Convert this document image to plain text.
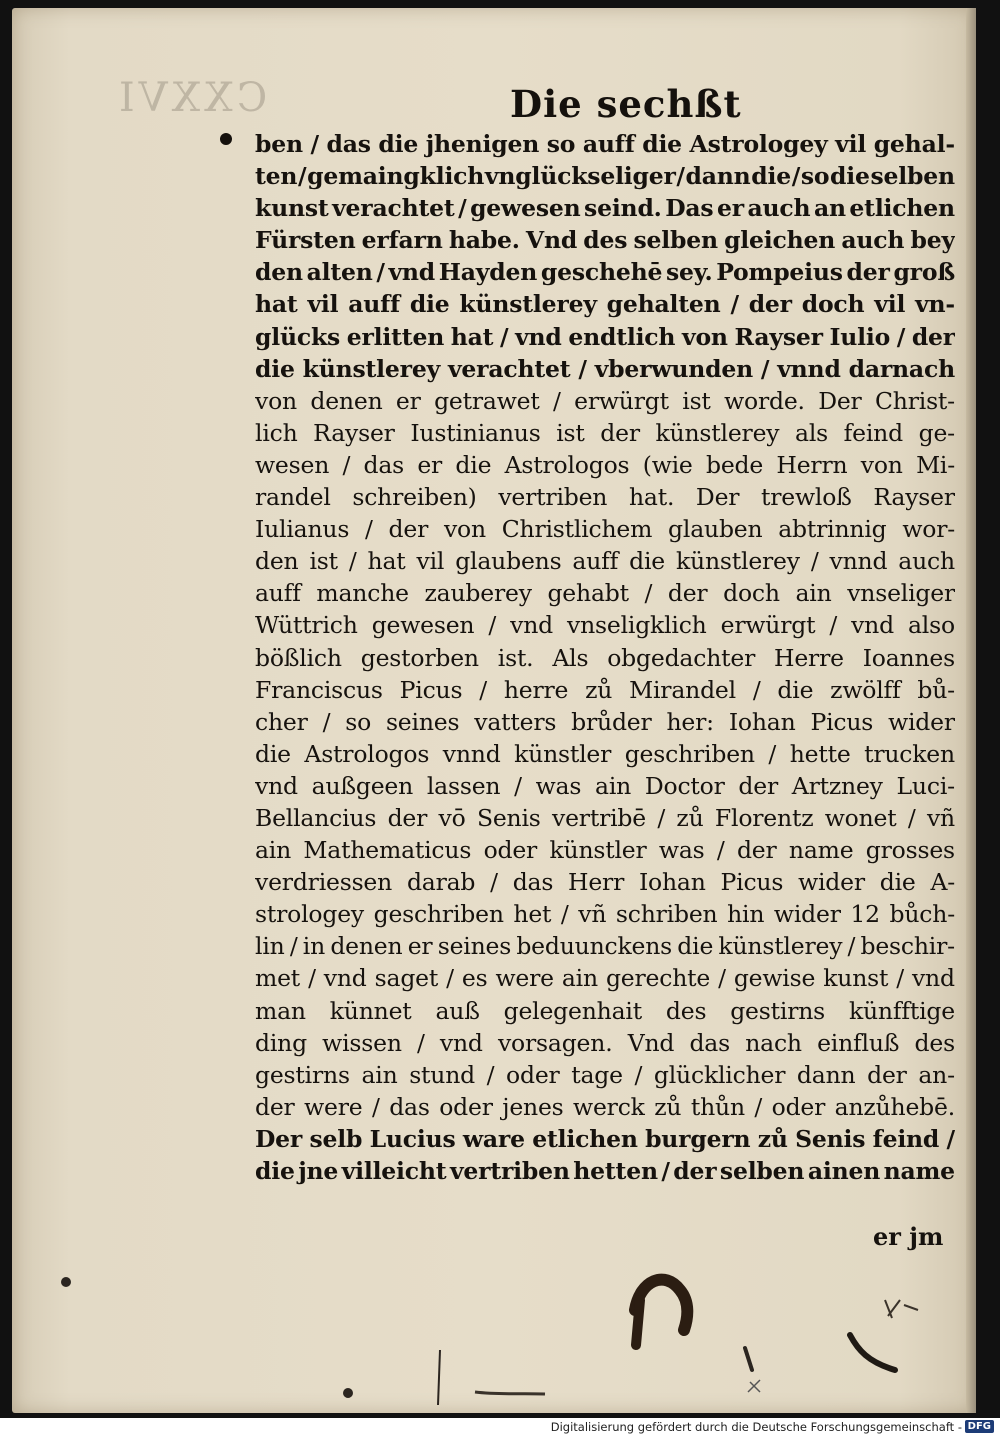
CXXVI	Die sechßt
ben / das die jhenigen so auff die Astrologey vil gehal-
ten / gemaingklich vnglückseliger / dann die / so die selben
kunst verachtet / gewesen seind. Das er auch an etlichen
Fürsten erfarn habe. Vnd des selben gleichen auch bey
den alten / vnd Hayden geschehē sey. Pompeius der groß
hat vil auff die künstlerey gehalten / der doch vil vn-
glücks erlitten hat / vnd endtlich von Rayser Iulio / der
die künstlerey verachtet / vberwunden / vnnd darnach
von denen er getrawet / erwürgt ist worde. Der Christ-
lich Rayser Iustinianus ist der künstlerey als feind ge-
wesen / das er die Astrologos (wie bede Herrn von Mi-
randel schreiben) vertriben hat. Der trewloß Rayser
Iulianus / der von Christlichem glauben abtrinnig wor-
den ist / hat vil glaubens auff die künstlerey / vnnd auch
auff manche zauberey gehabt / der doch ain vnseliger
Wüttrich gewesen / vnd vnseligklich erwürgt / vnd also
bößlich gestorben ist. Als obgedachter Herre Ioannes
Franciscus Picus / herre zů Mirandel / die zwölff bů-
cher / so seines vatters brůder her: Iohan Picus wider
die Astrologos vnnd künstler geschriben / hette trucken
vnd außgeen lassen / was ain Doctor der Artzney Luci-
Bellancius der vō Senis vertribē / zů Florentz wonet / vñ
ain Mathematicus oder künstler was / der name grosses
verdriessen darab / das Herr Iohan Picus wider die A-
strologey geschriben het / vñ schriben hin wider 12 bůch-
lin / in denen er seines beduunckens die künstlerey / beschir-
met / vnd saget / es were ain gerechte / gewise kunst / vnd
man künnet auß gelegenhait des gestirns künfftige
ding wissen / vnd vorsagen. Vnd das nach einfluß des
gestirns ain stund / oder tage / glücklicher dann der an-
der were / das oder jenes werck zů thůn / oder anzůhebē.
Der selb Lucius ware etlichen burgern zů Senis feind /
die jne villeicht vertriben hetten / der selben ainen name
er jm
Digitalisierung gefördert durch die Deutsche Forschungsgemeinschaft - DFG
